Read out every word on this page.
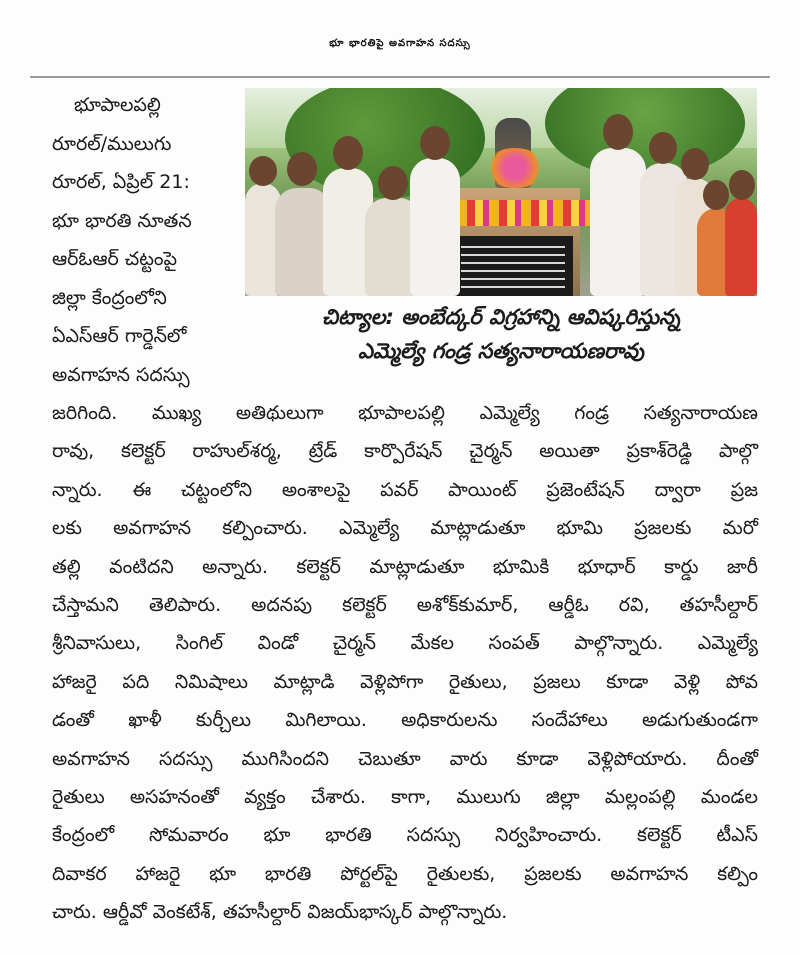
భూ భారతిపై అవగాహన సదస్సు
భూపాలపల్లి
రూరల్/ములుగు
రూరల్, ఏప్రిల్ 21:
భూ భారతి నూతన
ఆర్ఓఆర్ చట్టంపై
జిల్లా కేంద్రంలోని
ఏఎస్ఆర్ గార్డెన్‌లో
అవగాహన సదస్సు
చిట్యాల: అంబేద్కర్ విగ్రహాన్ని ఆవిష్కరిస్తున్న
ఎమ్మెల్యే గండ్ర సత్యనారాయణరావు
జరిగింది. ముఖ్య అతిథులుగా భూపాలపల్లి ఎమ్మెల్యే గండ్ర సత్యనారాయణ
రావు, కలెక్టర్ రాహుల్‌శర్మ, ట్రేడ్ కార్పొరేషన్ చైర్మన్ అయితా ప్రకాశ్‌రెడ్డి పాల్గొ
న్నారు. ఈ చట్టంలోని అంశాలపై పవర్ పాయింట్ ప్రజెంటేషన్ ద్వారా ప్రజ
లకు అవగాహన కల్పించారు. ఎమ్మెల్యే మాట్లాడుతూ భూమి ప్రజలకు మరో
తల్లి వంటిదని అన్నారు. కలెక్టర్ మాట్లాడుతూ భూమికి భూధార్ కార్డు జారీ
చేస్తామని తెలిపారు. అదనపు కలెక్టర్ అశోక్‌కుమార్, ఆర్డీఓ రవి, తహసీల్దార్
శ్రీనివాసులు, సింగిల్ విండో చైర్మన్ మేకల సంపత్ పాల్గొన్నారు. ఎమ్మెల్యే
హాజరై పది నిమిషాలు మాట్లాడి వెళ్లిపోగా రైతులు, ప్రజలు కూడా వెళ్లి పోవ
డంతో ఖాళీ కుర్చీలు మిగిలాయి. అధికారులను సందేహాలు అడుగుతుండగా
అవగాహన సదస్సు ముగిసిందని చెబుతూ వారు కూడా వెళ్లిపోయారు. దీంతో
రైతులు అసహనంతో వ్యక్తం చేశారు. కాగా, ములుగు జిల్లా మల్లంపల్లి మండల
కేంద్రంలో సోమవారం భూ భారతి సదస్సు నిర్వహించారు. కలెక్టర్ టీఎస్
దివాకర హాజరై భూ భారతి పోర్టల్‌పై రైతులకు, ప్రజలకు అవగాహన కల్పిం
చారు. ఆర్డీవో వెంకటేశ్, తహసీల్దార్ విజయ్‌భాస్కర్ పాల్గొన్నారు.
